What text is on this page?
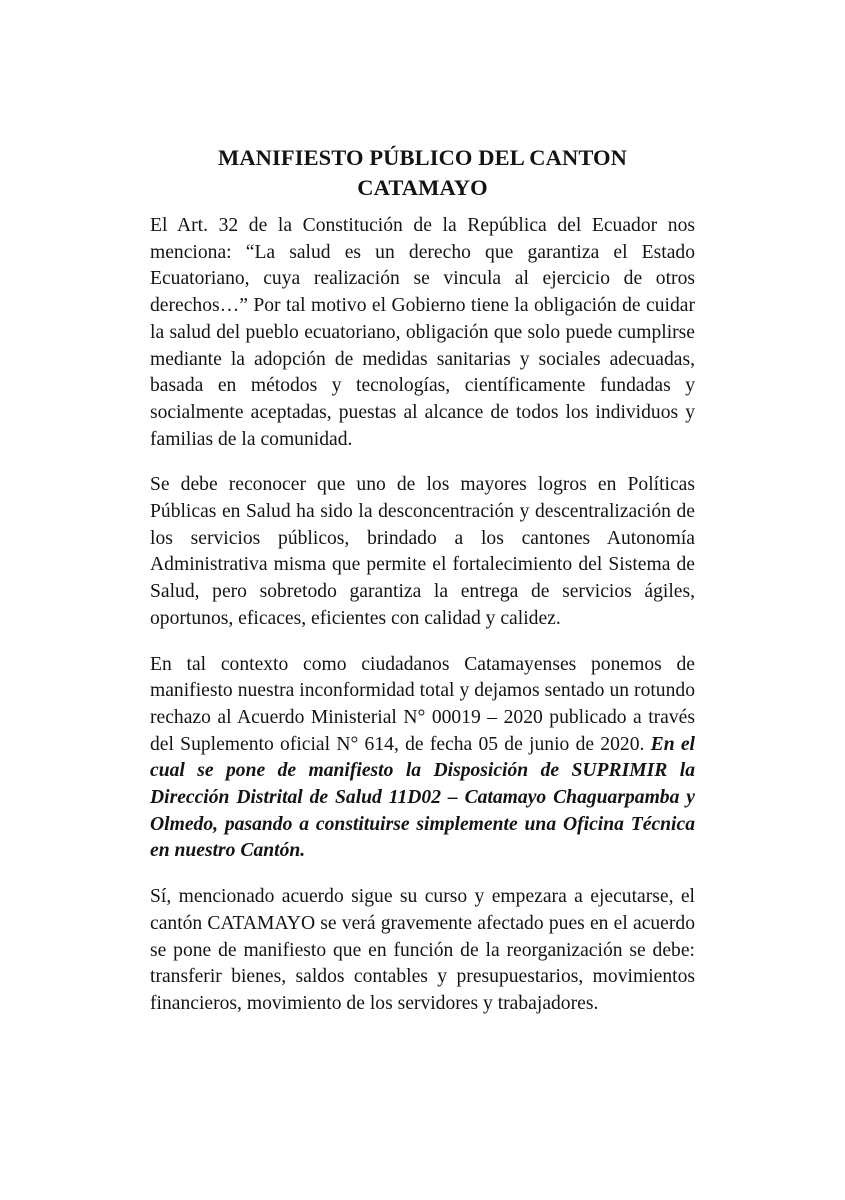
MANIFIESTO PÚBLICO DEL CANTON
CATAMAYO

El Art. 32 de la Constitución de la República del Ecuador nos menciona: “La salud es un derecho que garantiza el Estado Ecuatoriano, cuya realización se vincula al ejercicio de otros derechos…” Por tal motivo el Gobierno tiene la obligación de cuidar la salud del pueblo ecuatoriano, obligación que solo puede cumplirse mediante la adopción de medidas sanitarias y sociales adecuadas, basada en métodos y tecnologías, científicamente fundadas y socialmente aceptadas, puestas al alcance de todos los individuos y familias de la comunidad.

Se debe reconocer que uno de los mayores logros en Políticas Públicas en Salud ha sido la desconcentración y descentralización de los servicios públicos, brindado a los cantones Autonomía Administrativa misma que permite el fortalecimiento del Sistema de Salud, pero sobretodo garantiza la entrega de servicios ágiles, oportunos, eficaces, eficientes con calidad y calidez.

En tal contexto como ciudadanos Catamayenses ponemos de manifiesto nuestra inconformidad total y dejamos sentado un rotundo rechazo al Acuerdo Ministerial N° 00019 – 2020 publicado a través del Suplemento oficial N° 614, de fecha 05 de junio de 2020. En el cual se pone de manifiesto la Disposición de SUPRIMIR la Dirección Distrital de Salud 11D02 – Catamayo Chaguarpamba y Olmedo, pasando a constituirse simplemente una Oficina Técnica en nuestro Cantón.

Sí, mencionado acuerdo sigue su curso y empezara a ejecutarse, el cantón CATAMAYO se verá gravemente afectado pues en el acuerdo se pone de manifiesto que en función de la reorganización se debe: transferir bienes, saldos contables y presupuestarios, movimientos financieros, movimiento de los servidores y trabajadores.
